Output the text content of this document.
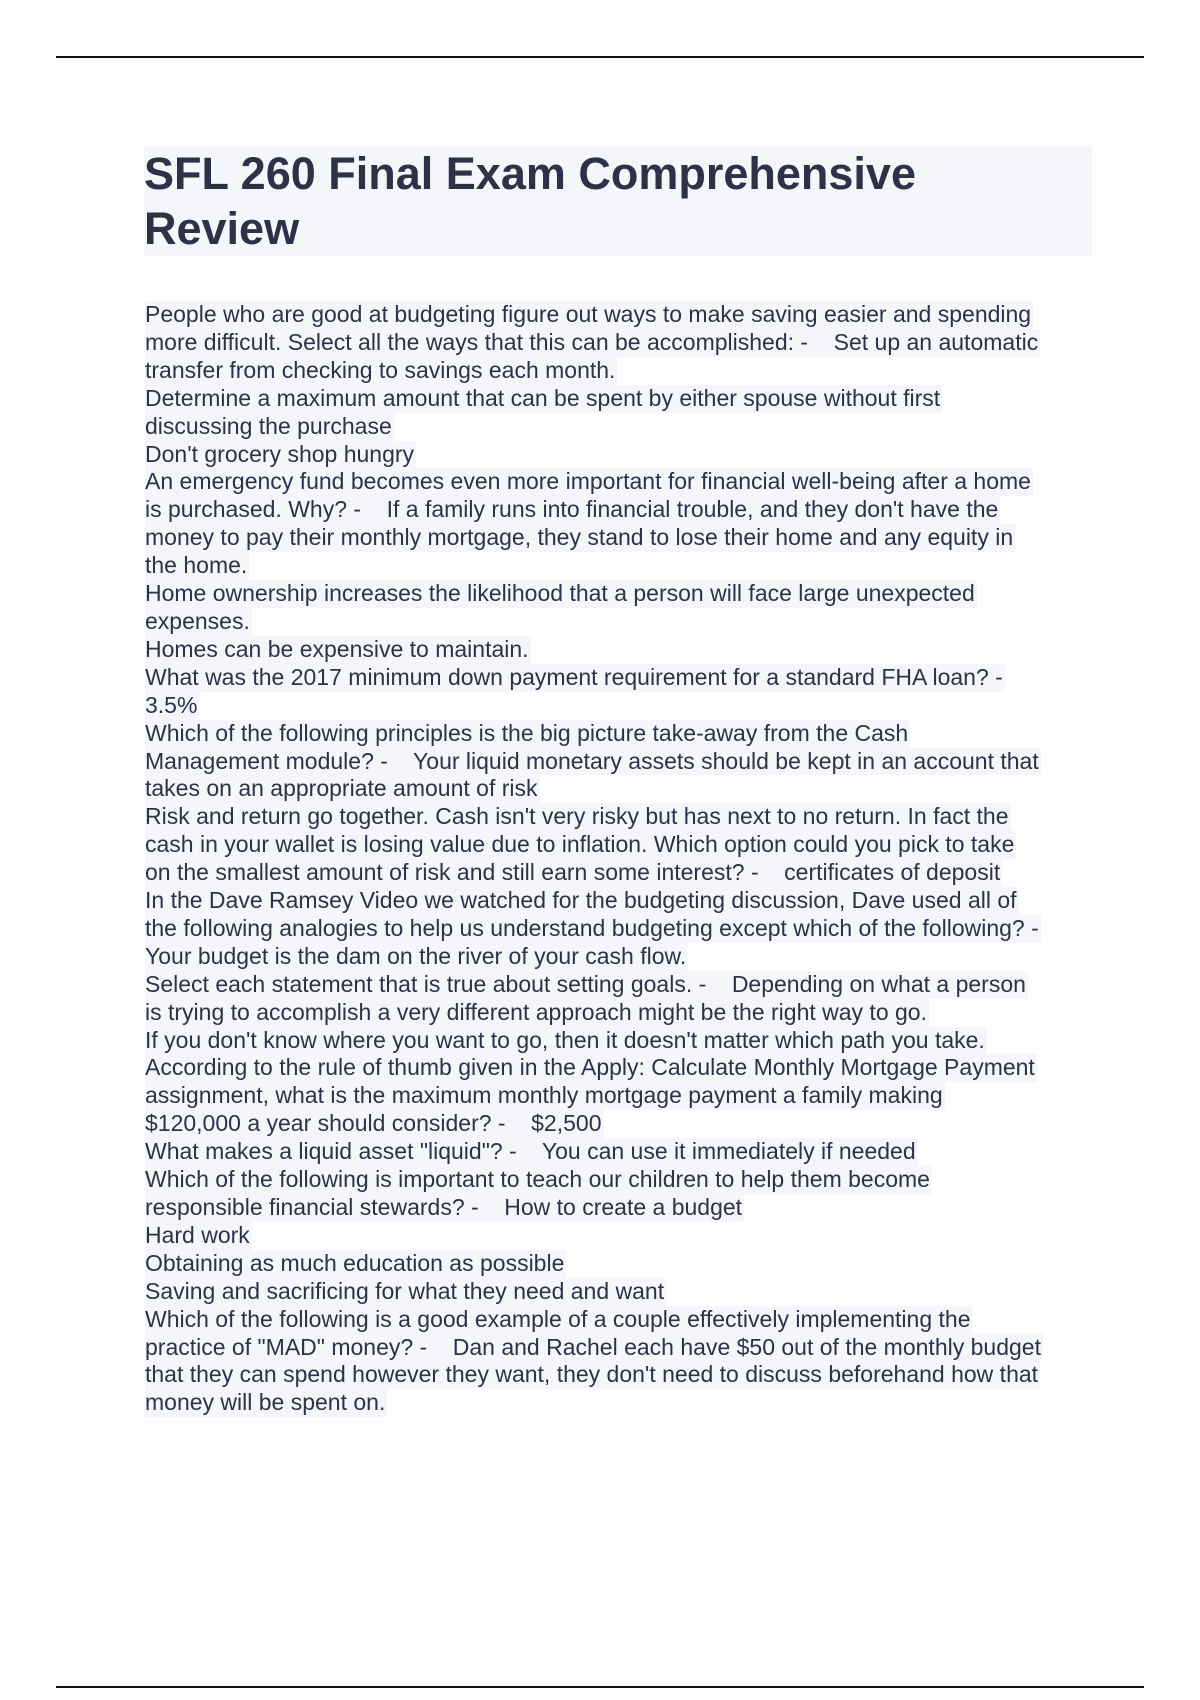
SFL 260 Final Exam Comprehensive
Review
People who are good at budgeting figure out ways to make saving easier and spending
more difficult. Select all the ways that this can be accomplished: -    Set up an automatic
transfer from checking to savings each month.
Determine a maximum amount that can be spent by either spouse without first
discussing the purchase
Don't grocery shop hungry
An emergency fund becomes even more important for financial well-being after a home
is purchased. Why? -    If a family runs into financial trouble, and they don't have the
money to pay their monthly mortgage, they stand to lose their home and any equity in
the home.
Home ownership increases the likelihood that a person will face large unexpected
expenses.
Homes can be expensive to maintain.
What was the 2017 minimum down payment requirement for a standard FHA loan? -
3.5%
Which of the following principles is the big picture take-away from the Cash
Management module? -    Your liquid monetary assets should be kept in an account that
takes on an appropriate amount of risk
Risk and return go together. Cash isn't very risky but has next to no return. In fact the
cash in your wallet is losing value due to inflation. Which option could you pick to take
on the smallest amount of risk and still earn some interest? -    certificates of deposit
In the Dave Ramsey Video we watched for the budgeting discussion, Dave used all of
the following analogies to help us understand budgeting except which of the following? -
Your budget is the dam on the river of your cash flow.
Select each statement that is true about setting goals. -    Depending on what a person
is trying to accomplish a very different approach might be the right way to go.
If you don't know where you want to go, then it doesn't matter which path you take.
According to the rule of thumb given in the Apply: Calculate Monthly Mortgage Payment
assignment, what is the maximum monthly mortgage payment a family making
$120,000 a year should consider? -    $2,500
What makes a liquid asset "liquid"? -    You can use it immediately if needed
Which of the following is important to teach our children to help them become
responsible financial stewards? -    How to create a budget
Hard work
Obtaining as much education as possible
Saving and sacrificing for what they need and want
Which of the following is a good example of a couple effectively implementing the
practice of "MAD" money? -    Dan and Rachel each have $50 out of the monthly budget
that they can spend however they want, they don't need to discuss beforehand how that
money will be spent on.
